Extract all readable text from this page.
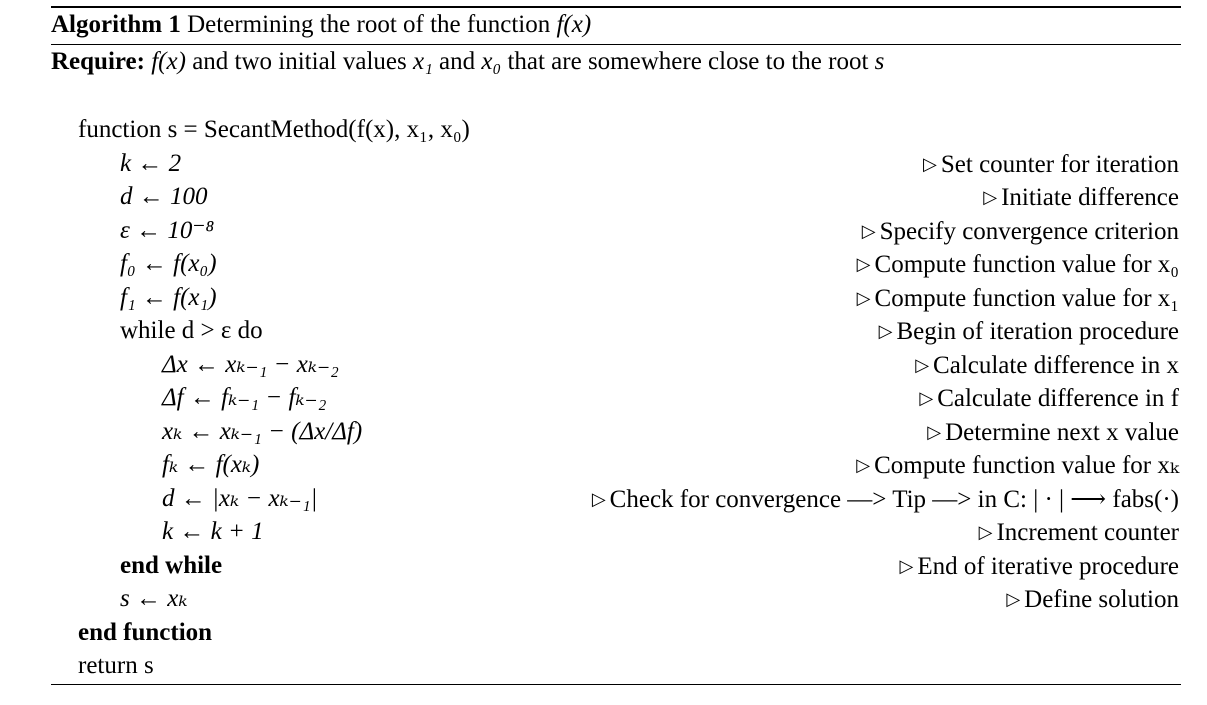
Algorithm 1 Determining the root of the function f(x)
Require: f(x) and two initial values x₁ and x₀ that are somewhere close to the root s
function s = SecantMethod(f(x), x₁, x₀)
k ← 2	▷ Set counter for iteration
d ← 100	▷ Initiate difference
ε ← 10⁻⁸	▷ Specify convergence criterion
f₀ ← f(x₀)	▷ Compute function value for x₀
f₁ ← f(x₁)	▷ Compute function value for x₁
while d > ε do	▷ Begin of iteration procedure
Δx ← xₖ₋₁ − xₖ₋₂	▷ Calculate difference in x
Δf ← fₖ₋₁ − fₖ₋₂	▷ Calculate difference in f
xₖ ← xₖ₋₁ − (Δx/Δf)	▷ Determine next x value
fₖ ← f(xₖ)	▷ Compute function value for xₖ
d ← |xₖ − xₖ₋₁|	▷ Check for convergence —> Tip —> in C: | · | ⟶ fabs(·)
k ← k + 1	▷ Increment counter
end while	▷ End of iterative procedure
s ← xₖ	▷ Define solution
end function
return s
